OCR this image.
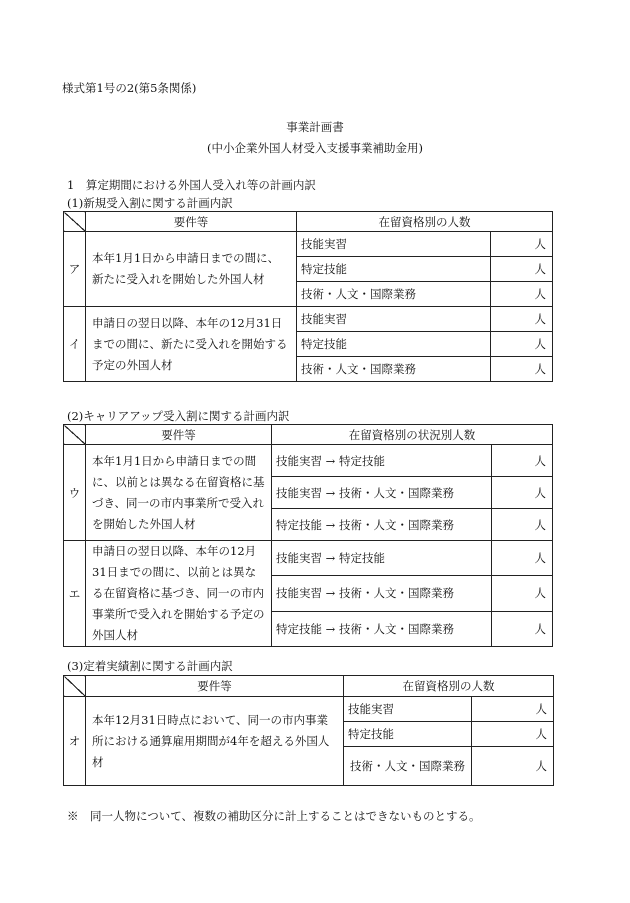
様式第1号の2(第5条関係)
事業計画書
(中小企業外国人材受入支援事業補助金用)
1　算定期間における外国人受入れ等の計画内訳
(1)新規受入割に関する計画内訳
	要件等	在留資格別の人数	
ア	本年1月1日から申請日までの間に、新たに受入れを開始した外国人材	技能実習	人
		特定技能	人
		技術・人文・国際業務	人
イ	申請日の翌日以降、本年の12月31日までの間に、新たに受入れを開始する予定の外国人材	技能実習	人
		特定技能	人
		技術・人文・国際業務	人
(2)キャリアアップ受入割に関する計画内訳
	要件等	在留資格別の状況別人数	
ウ	本年1月1日から申請日までの間に、以前とは異なる在留資格に基づき、同一の市内事業所で受入れを開始した外国人材	技能実習 → 特定技能	人
		技能実習 → 技術・人文・国際業務	人
		特定技能 → 技術・人文・国際業務	人
エ	申請日の翌日以降、本年の12月31日までの間に、以前とは異なる在留資格に基づき、同一の市内事業所で受入れを開始する予定の外国人材	技能実習 → 特定技能	人
		技能実習 → 技術・人文・国際業務	人
		特定技能 → 技術・人文・国際業務	人
(3)定着実績割に関する計画内訳
	要件等	在留資格別の人数	
オ	本年12月31日時点において、同一の市内事業所における通算雇用期間が4年を超える外国人材	技能実習	人
		特定技能	人
		技術・人文・国際業務	人
※　同一人物について、複数の補助区分に計上することはできないものとする。
